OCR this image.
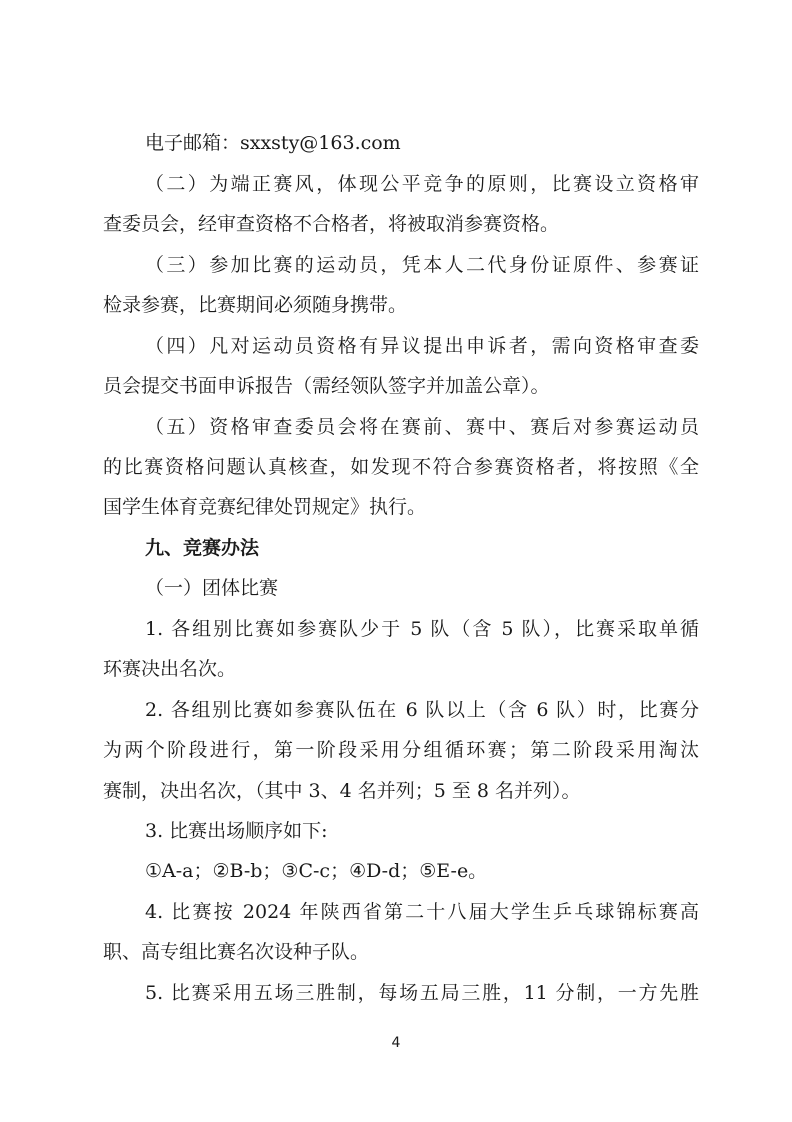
电子邮箱：sxxsty@163.com
（二）为端正赛风，体现公平竞争的原则，比赛设立资格审
查委员会，经审查资格不合格者，将被取消参赛资格。
（三）参加比赛的运动员，凭本人二代身份证原件、参赛证
检录参赛，比赛期间必须随身携带。
（四）凡对运动员资格有异议提出申诉者，需向资格审查委
员会提交书面申诉报告（需经领队签字并加盖公章）。
（五）资格审查委员会将在赛前、赛中、赛后对参赛运动员
的比赛资格问题认真核查，如发现不符合参赛资格者，将按照《全
国学生体育竞赛纪律处罚规定》执行。
九、竞赛办法
（一）团体比赛
1. 各组别比赛如参赛队少于 5 队（含 5 队），比赛采取单循
环赛决出名次。
2. 各组别比赛如参赛队伍在 6 队以上（含 6 队）时，比赛分
为两个阶段进行，第一阶段采用分组循环赛；第二阶段采用淘汰
赛制，决出名次，（其中 3、4 名并列；5 至 8 名并列）。
3. 比赛出场顺序如下:
①A-a；②B-b；③C-c；④D-d；⑤E-e。
4. 比赛按 2024 年陕西省第二十八届大学生乒乓球锦标赛高
职、高专组比赛名次设种子队。
5. 比赛采用五场三胜制，每场五局三胜，11 分制，一方先胜
4
